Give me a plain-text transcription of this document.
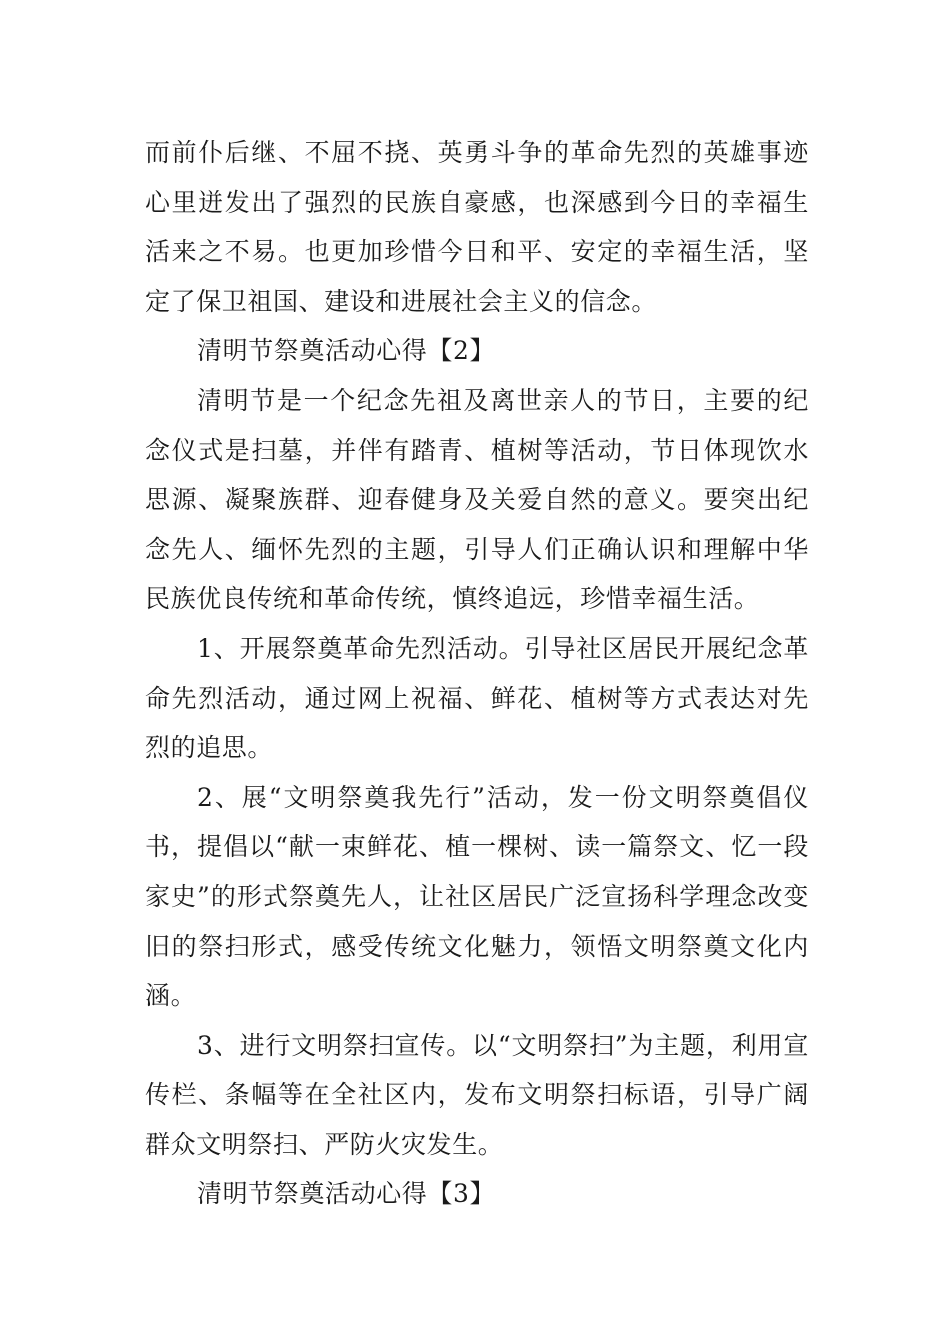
而前仆后继、不屈不挠、英勇斗争的革命先烈的英雄事迹心里迸发出了强烈的民族自豪感，也深感到今日的幸福生活来之不易。也更加珍惜今日和平、安定的幸福生活，坚定了保卫祖国、建设和进展社会主义的信念。

清明节祭奠活动心得【2】

清明节是一个纪念先祖及离世亲人的节日，主要的纪念仪式是扫墓，并伴有踏青、植树等活动，节日体现饮水思源、凝聚族群、迎春健身及关爱自然的意义。要突出纪念先人、缅怀先烈的主题，引导人们正确认识和理解中华民族优良传统和革命传统，慎终追远，珍惜幸福生活。

1、开展祭奠革命先烈活动。引导社区居民开展纪念革命先烈活动，通过网上祝福、鲜花、植树等方式表达对先烈的追思。

2、展“文明祭奠我先行”活动，发一份文明祭奠倡仪书，提倡以“献一束鲜花、植一棵树、读一篇祭文、忆一段家史”的形式祭奠先人，让社区居民广泛宣扬科学理念改变旧的祭扫形式，感受传统文化魅力，领悟文明祭奠文化内涵。

3、进行文明祭扫宣传。以“文明祭扫”为主题，利用宣传栏、条幅等在全社区内，发布文明祭扫标语，引导广阔群众文明祭扫、严防火灾发生。

清明节祭奠活动心得【3】
